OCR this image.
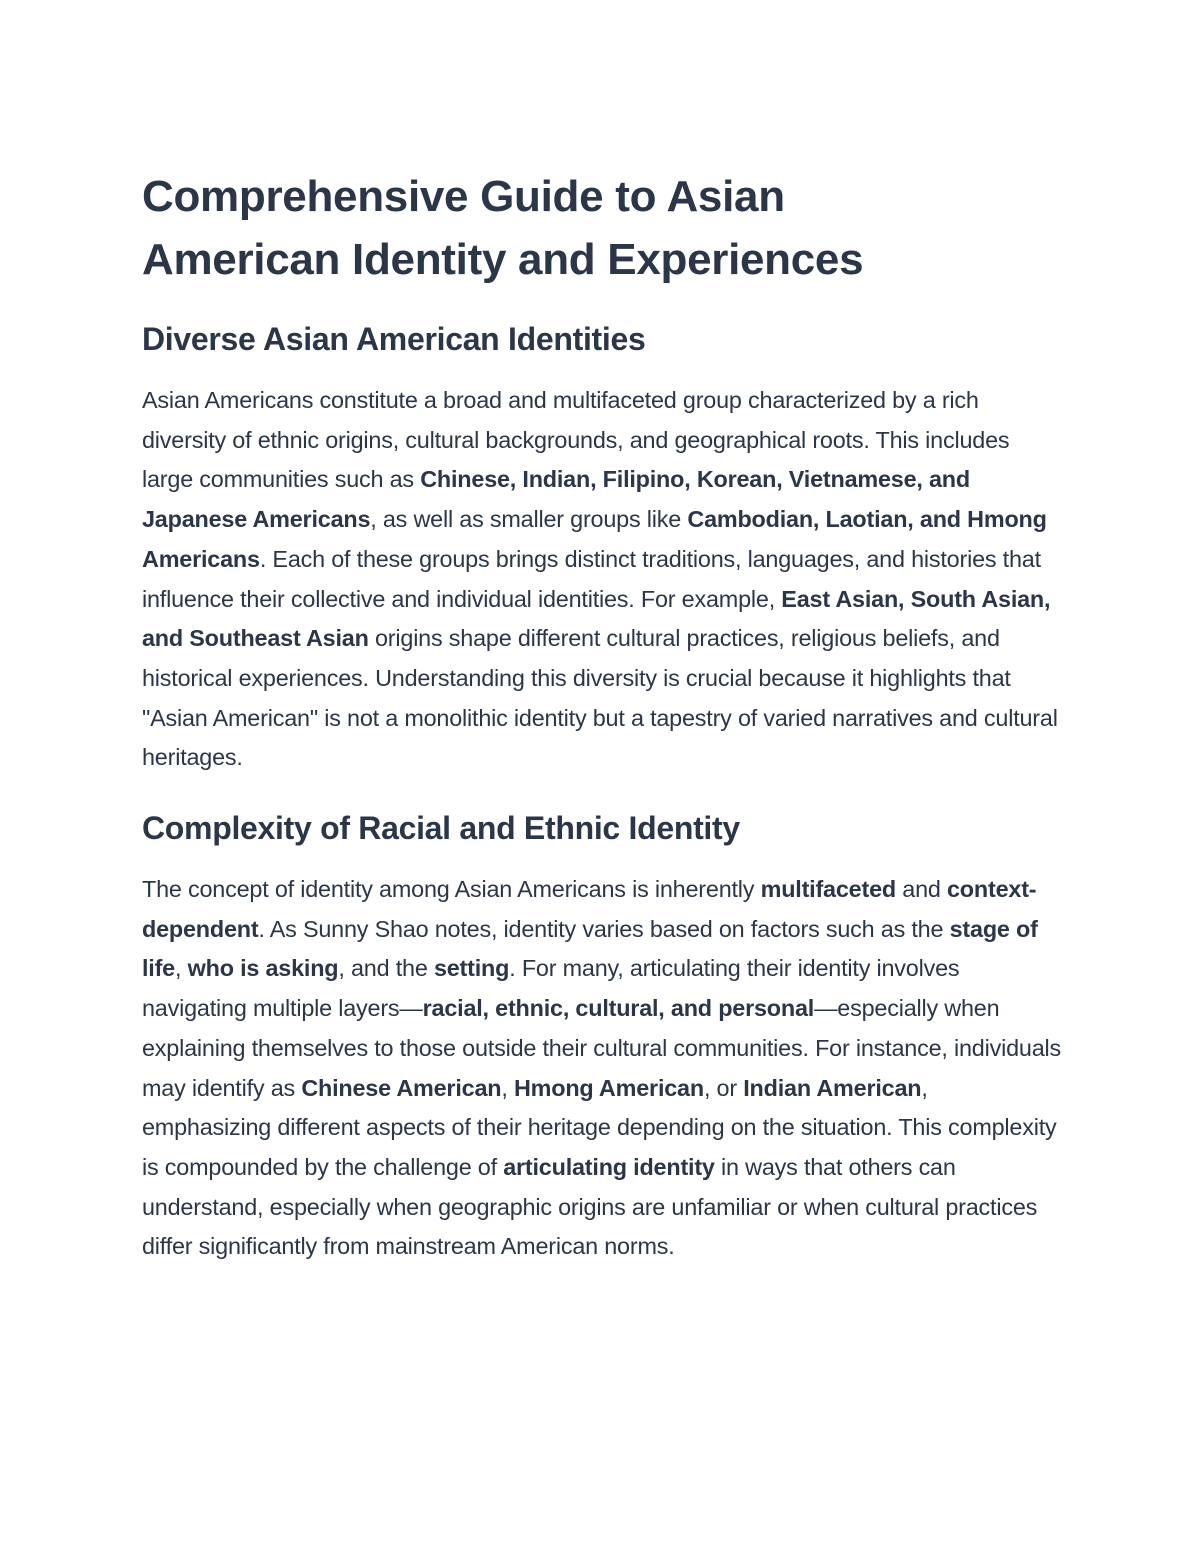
Comprehensive Guide to Asian
American Identity and Experiences
Diverse Asian American Identities

Asian Americans constitute a broad and multifaceted group characterized by a rich diversity of ethnic origins, cultural backgrounds, and geographical roots. This includes large communities such as Chinese, Indian, Filipino, Korean, Vietnamese, and Japanese Americans, as well as smaller groups like Cambodian, Laotian, and Hmong Americans. Each of these groups brings distinct traditions, languages, and histories that influence their collective and individual identities. For example, East Asian, South Asian, and Southeast Asian origins shape different cultural practices, religious beliefs, and historical experiences. Understanding this diversity is crucial because it highlights that "Asian American" is not a monolithic identity but a tapestry of varied narratives and cultural heritages.

Complexity of Racial and Ethnic Identity

The concept of identity among Asian Americans is inherently multifaceted and context-dependent. As Sunny Shao notes, identity varies based on factors such as the stage of life, who is asking, and the setting. For many, articulating their identity involves navigating multiple layers—racial, ethnic, cultural, and personal—especially when explaining themselves to those outside their cultural communities. For instance, individuals may identify as Chinese American, Hmong American, or Indian American, emphasizing different aspects of their heritage depending on the situation. This complexity is compounded by the challenge of articulating identity in ways that others can understand, especially when geographic origins are unfamiliar or when cultural practices differ significantly from mainstream American norms.
